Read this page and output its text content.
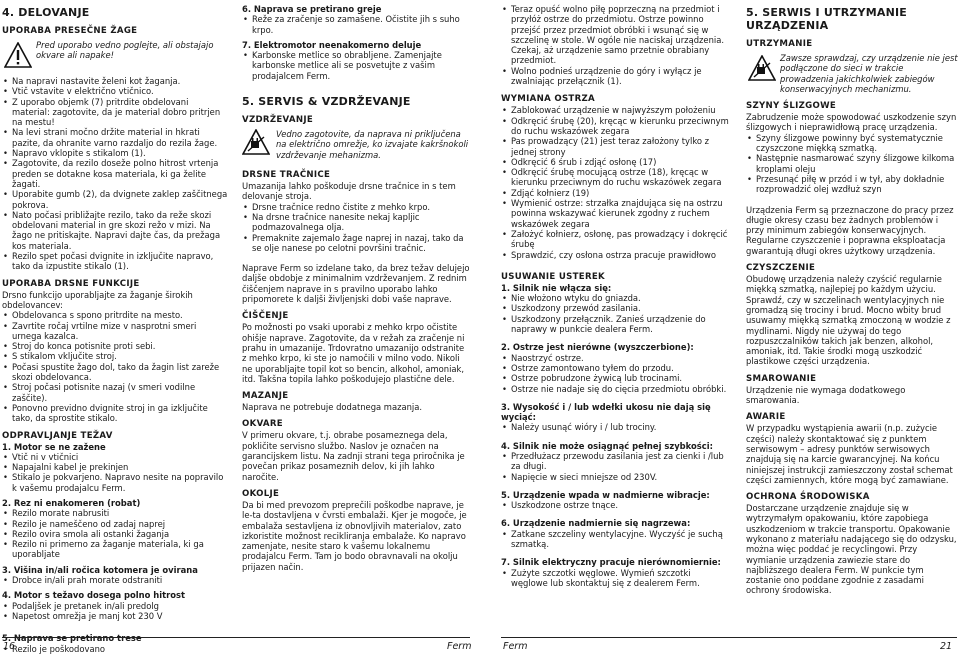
4. DELOVANJE
UPORABA PRESEČNE ŽAGE

Pred uporabo vedno poglejte, ali obstajajo okvare ali napake!

• Na napravi nastavite želeni kot žaganja.
• Vtič vstavite v električno vtičnico.
• Z uporabo objemk (7) pritrdite obdelovani material: zagotovite, da je material dobro pritrjen na mestu!
• Na levi strani močno držite material in hkrati pazite, da ohranite varno razdaljo do rezila žage.
• Napravo vklopite s stikalom (1).
• Zagotovite, da rezilo doseže polno hitrost vrtenja preden se dotakne kosa materiala, ki ga želite žagati.
• Uporabite gumb (2), da dvignete zaklep zaščitnega pokrova.
• Nato počasi približajte rezilo, tako da reže skozi obdelovani material in gre skozi režo v mizi. Na žago ne pritiskajte. Napravi dajte čas, da prežaga kos materiala.
• Rezilo spet počasi dvignite in izključite napravo, tako da izpustite stikalo (1).
UPORABA DRSNE FUNKCIJE

Drsno funkcijo uporabljajte za žaganje širokih obdelovancev:

• Obdelovanca s spono pritrdite na mesto.
• Zavrtite ročaj vrtilne mize v nasprotni smeri urnega kazalca.
• Stroj do konca potisnite proti sebi.
• S stikalom vključite stroj.
• Počasi spustite žago dol, tako da žagin list zareže skozi obdelovanca.
• Stroj počasi potisnite nazaj (v smeri vodilne zaščite).
• Ponovno previdno dvignite stroj in ga izključite tako, da sprostite stikalo.
ODPRAVLJANJE TEŽAV
1. Motor se ne zažene
• Vtič ni v vtičnici
• Napajalni kabel je prekinjen
• Stikalo je pokvarjeno. Napravo nesite na popravilo k vašemu prodajalcu Ferm.
2. Rez ni enakomeren (robat)
• Rezilo morate nabrusiti
• Rezilo je nameščeno od zadaj naprej
• Rezilo ovira smola ali ostanki žaganja
• Rezilo ni primerno za žaganje materiala, ki ga uporabljate
3. Višina in/ali ročica kotomera je ovirana
• Drobce in/ali prah morate odstraniti
4. Motor s težavo dosega polno hitrost
• Podaljšek je pretanek in/ali predolg
• Napetost omrežja je manj kot 230 V
5. Naprava se pretirano trese
• Rezilo je poškodovano
6. Naprava se pretirano greje
• Reže za zračenje so zamašene. Očistite jih s suho krpo.
7. Elektromotor neenakomerno deluje
• Karbonske metlice so obrabljene. Zamenjajte karbonske metlice ali se posvetujte z vašim prodajalcem Ferm.
5. SERVIS & VZDRŽEVANJE
VZDRŽEVANJE

Vedno zagotovite, da naprava ni priključena na električno omrežje, ko izvajate kakršnokoli vzdrževanje mehanizma.

DRSNE TRAČNICE

Umazanija lahko poškoduje drsne tračnice in s tem delovanje stroja.

• Drsne tračnice redno čistite z mehko krpo.
• Na drsne tračnice nanesite nekaj kapljic podmazovalnega olja.
• Premaknite zajemalo žage naprej in nazaj, tako da se olje nanese po celotni površini tračnic.

Naprave Ferm so izdelane tako, da brez težav delujejo daljše obdobje z minimalnim vzdrževanjem. Z rednim čiščenjem naprave in s pravilno uporabo lahko pripomorete k daljši življenjski dobi vaše naprave.

ČIŠČENJE

Po možnosti po vsaki uporabi z mehko krpo očistite ohišje naprave. Zagotovite, da v režah za zračenje ni prahu in umazanije. Trdovratno umazanijo odstranite z mehko krpo, ki ste jo namočili v milno vodo. Nikoli ne uporabljajte topil kot so bencin, alkohol, amoniak, itd. Takšna topila lahko poškodujejo plastične dele.

MAZANJE

Naprava ne potrebuje dodatnega mazanja.

OKVARE

V primeru okvare, t.j. obrabe posameznega dela, pokličite servisno službo. Naslov je označen na garancijskem listu. Na zadnji strani tega priročnika je povečan prikaz posameznih delov, ki jih lahko naročite.

OKOLJE

Da bi med prevozom preprečili poškodbe naprave, je le-ta dostavljena v čvrsti embalaži. Kjer je mogoče, je embalaža sestavljena iz obnovljivih materialov, zato izkoristite možnost recikliranja embalaže. Ko napravo zamenjate, nesite staro k vašemu lokalnemu prodajalcu Ferm. Tam jo bodo obravnavali na okolju prijazen način.

• Teraz opuść wolno piłę poprzeczną na przedmiot i przyłóż ostrze do przedmiotu. Ostrze powinno przejść przez przedmiot obróbki i wsunąć się w szczelinę w stole. W ogóle nie naciskaj urządzenia. Czekaj, aż urządzenie samo przetnie obrabiany przedmiot.
• Wolno podnieś urządzenie do góry i wyłącz je zwalniając przełącznik (1).
WYMIANA OSTRZA
• Zablokować urządzenie w najwyższym położeniu
• Odkręcić śrubę (20), kręcąc w kierunku przeciwnym do ruchu wskazówek zegara
• Pas prowadzący (21) jest teraz założony tylko z jednej strony
• Odkręcić 6 śrub i zdjąć osłonę (17)
• Odkręcić śrubę mocującą ostrze (18), kręcąc w kierunku przeciwnym do ruchu wskazówek zegara
• Zdjąć kołnierz (19)
• Wymienić ostrze: strzałka znajdująca się na ostrzu powinna wskazywać kierunek zgodny z ruchem wskazówek zegara
• Założyć kołnierz, osłonę, pas prowadzący i dokręcić śrubę
• Sprawdzić, czy osłona ostrza pracuje prawidłowo
USUWANIE USTEREK
1. Silnik nie włącza się:
• Nie włożono wtyku do gniazda.
• Uszkodzony przewód zasilania.
• Uszkodzony przełącznik. Zanieś urządzenie do naprawy w punkcie dealera Ferm.
2. Ostrze jest nierówne (wyszczerbione):
• Naostrzyć ostrze.
• Ostrze zamontowano tyłem do przodu.
• Ostrze pobrudzone żywicą lub trocinami.
• Ostrze nie nadaje się do cięcia przedmiotu obróbki.
3. Wysokość i / lub wdełki ukosu nie dają się wyciąć:
• Należy usunąć wióry i / lub trociny.
4. Silnik nie może osiągnąć pełnej szybkości:
• Przedłużacz przewodu zasilania jest za cienki i /lub za długi.
• Napięcie w sieci mniejsze od 230V.
5. Urządzenie wpada w nadmierne wibracje:
• Uszkodzone ostrze tnące.
6. Urządzenie nadmiernie się nagrzewa:
• Zatkane szczeliny wentylacyjne. Wyczyść je suchą szmatką.
7. Silnik elektryczny pracuje nierównomiernie:
• Zużyte szczotki węglowe. Wymień szczotki węglowe lub skontaktuj się z dealerem Ferm.
5. SERWIS I UTRZYMANIE URZĄDZENIA
UTRZYMANIE

Zawsze sprawdzaj, czy urządzenie nie jest podłączone do sieci w trakcie prowadzenia jakichkolwiek zabiegów konserwacyjnych mechanizmu.

SZYNY ŚLIZGOWE

Zabrudzenie może spowodować uszkodzenie szyn ślizgowych i nieprawidłową pracę urządzenia.

• Szyny ślizgowe powinny być systematycznie czyszczone miękką szmatką.
• Następnie nasmarować szyny ślizgowe kilkoma kroplami oleju
• Przesunąć piłę w przód i w tył, aby dokładnie rozprowadzić olej wzdłuż szyn

Urządzenia Ferm są przeznaczone do pracy przez długie okresy czasu bez żadnych problemów i przy minimum zabiegów konserwacyjnych. Regularne czyszczenie i poprawna eksploatacja gwarantują długi okres użytkowy urządzenia.

CZYSZCZENIE

Obudowę urządzenia należy czyścić regularnie miękką szmatką, najlepiej po każdym użyciu. Sprawdź, czy w szczelinach wentylacyjnych nie gromadzą się trociny i brud. Mocno wbity brud usuwamy miękką szmatką zmoczoną w wodzie z mydlinami. Nigdy nie używaj do tego rozpuszczalników takich jak benzen, alkohol, amoniak, itd. Takie środki mogą uszkodzić plastikowe części urządzenia.

SMAROWANIE

Urządzenie nie wymaga dodatkowego smarowania.

AWARIE

W przypadku wystąpienia awarii (n.p. zużycie części) należy skontaktować się z punktem serwisowym – adresy punktów serwisowych znajdują się na karcie gwarancyjnej. Na końcu niniejszej instrukcji zamieszczony został schemat części zamiennych, które mogą być zamawiane.

OCHRONA ŚRODOWISKA

Dostarczane urządzenie znajduje się w wytrzymałym opakowaniu, które zapobiega uszkodzeniom w trakcie transportu. Opakowanie wykonano z materiału nadającego się do odzysku, można więc poddać je recyclingowi. Przy wymianie urządzenia zawiezie stare do najbliższego dealera Ferm. W punkcie tym zostanie ono poddane zgodnie z zasadami ochrony środowiska.

16	Ferm	Ferm	21
